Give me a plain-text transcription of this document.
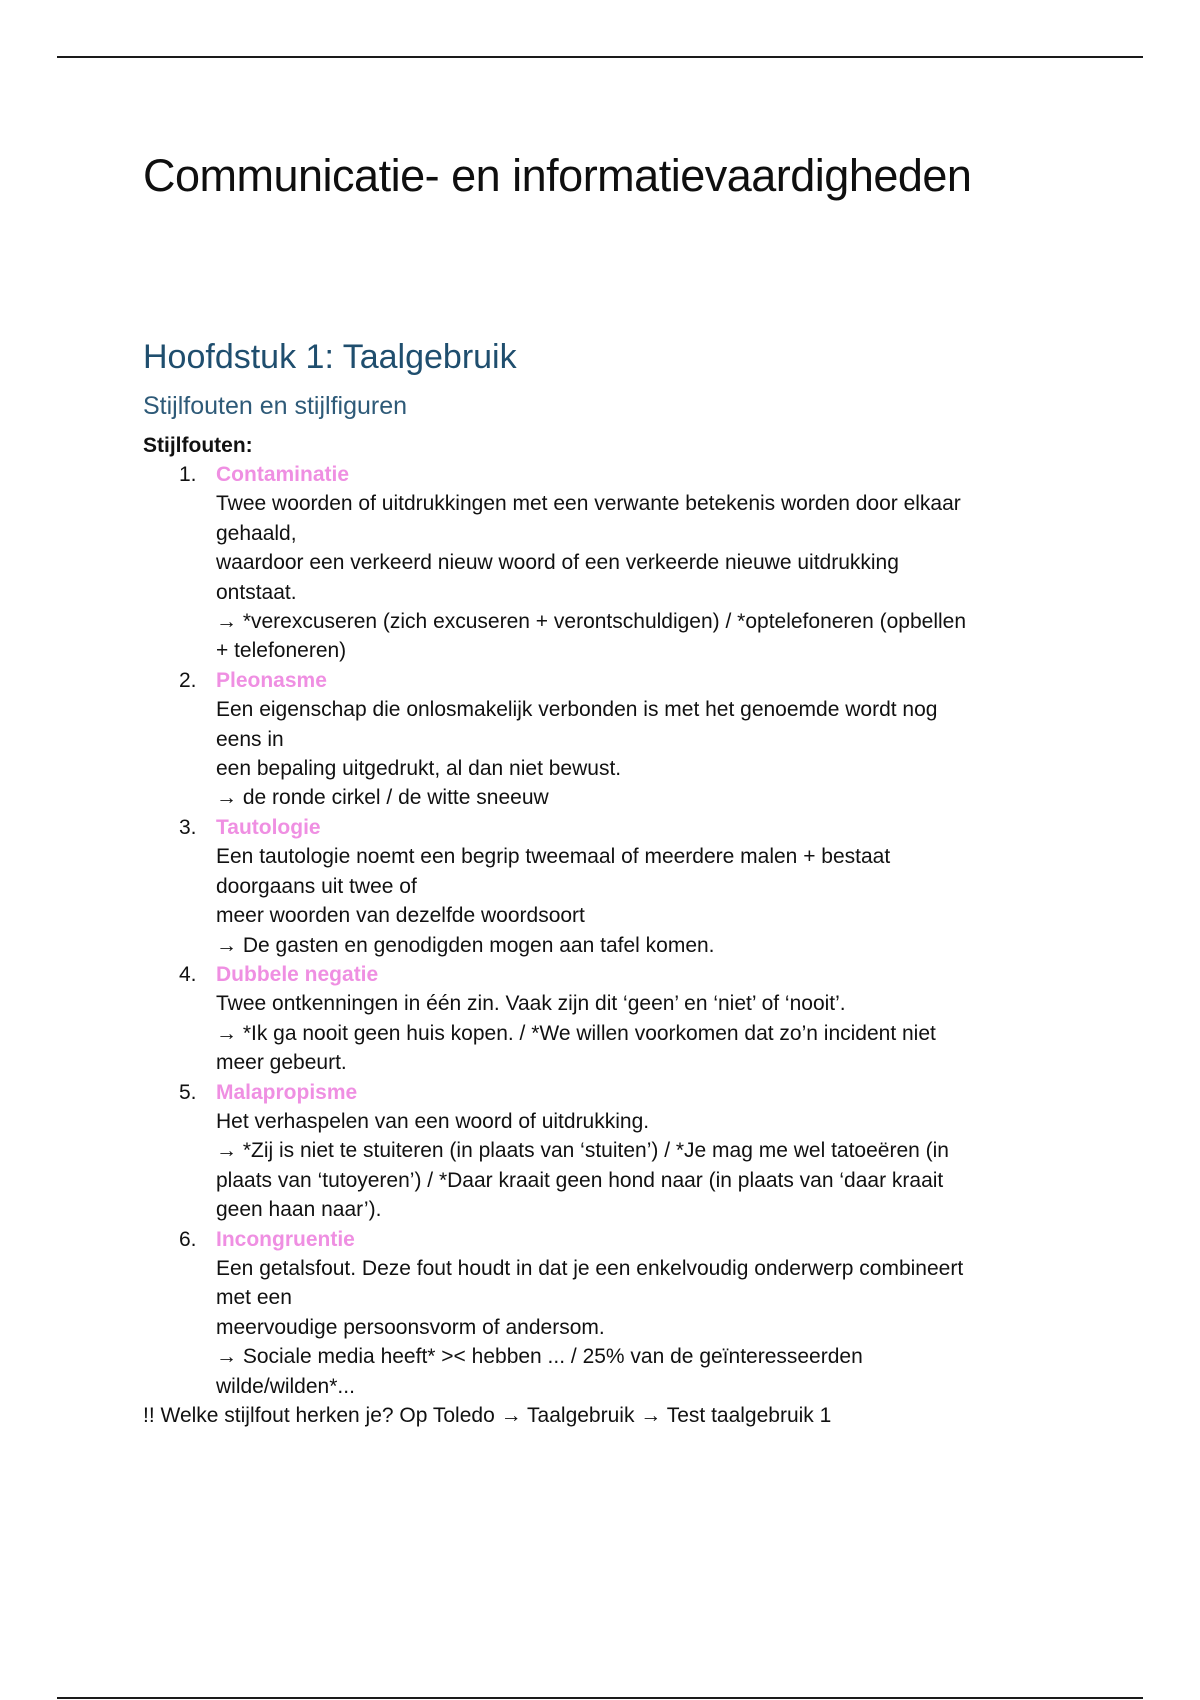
Communicatie- en informatievaardigheden
Hoofdstuk 1: Taalgebruik
Stijlfouten en stijlfiguren
Stijlfouten:
1. Contaminatie
Twee woorden of uitdrukkingen met een verwante betekenis worden door elkaar
gehaald,
waardoor een verkeerd nieuw woord of een verkeerde nieuwe uitdrukking
ontstaat.
→ *verexcuseren (zich excuseren + verontschuldigen) / *optelefoneren (opbellen
+ telefoneren)
2. Pleonasme
Een eigenschap die onlosmakelijk verbonden is met het genoemde wordt nog
eens in
een bepaling uitgedrukt, al dan niet bewust.
→ de ronde cirkel / de witte sneeuw
3. Tautologie
Een tautologie noemt een begrip tweemaal of meerdere malen + bestaat
doorgaans uit twee of
meer woorden van dezelfde woordsoort
→ De gasten en genodigden mogen aan tafel komen.
4. Dubbele negatie
Twee ontkenningen in één zin. Vaak zijn dit ‘geen’ en ‘niet’ of ‘nooit’.
→ *Ik ga nooit geen huis kopen. / *We willen voorkomen dat zo’n incident niet
meer gebeurt.
5. Malapropisme
Het verhaspelen van een woord of uitdrukking.
→ *Zij is niet te stuiteren (in plaats van ‘stuiten’) / *Je mag me wel tatoeëren (in
plaats van ‘tutoyeren’) / *Daar kraait geen hond naar (in plaats van ‘daar kraait
geen haan naar’).
6. Incongruentie
Een getalsfout. Deze fout houdt in dat je een enkelvoudig onderwerp combineert
met een
meervoudige persoonsvorm of andersom.
→ Sociale media heeft* >< hebben ... / 25% van de geïnteresseerden
wilde/wilden*...

!! Welke stijlfout herken je? Op Toledo → Taalgebruik → Test taalgebruik 1
